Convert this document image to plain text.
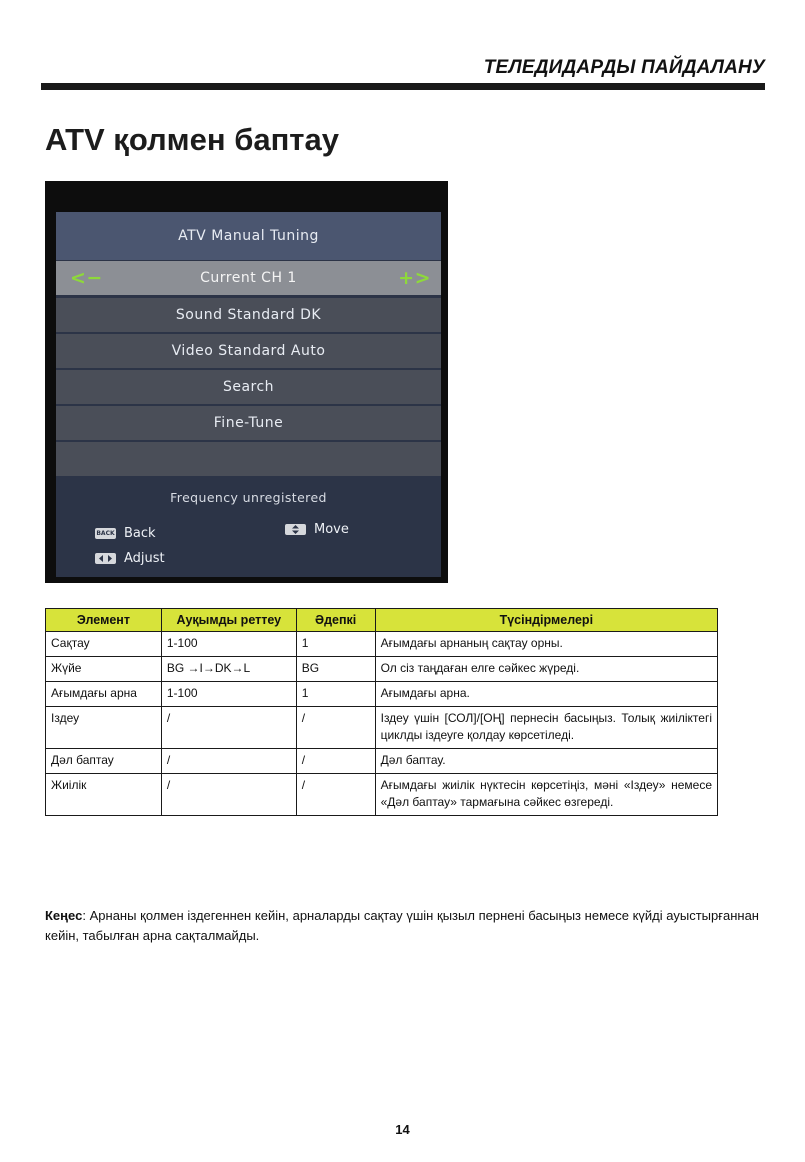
ТЕЛЕДИДАРДЫ ПАЙДАЛАНУ
ATV қолмен баптау
ATV Manual Tuning
<−	Current CH 1	+>
Sound Standard DK
Video Standard Auto
Search
Fine-Tune
Frequency unregistered
BACK Back	Move
Adjust
Элемент	Ауқымды реттеу	Әдепкі	Түсіндірмелері
Сақтау	1-100	1	Ағымдағы арнаның сақтау орны.
Жүйе	BG →I→DK→L	BG	Ол сіз таңдаған елге сәйкес жүреді.
Ағымдағы арна	1-100	1	Ағымдағы арна.
Іздеу	/	/	Іздеу үшін [СОЛ]/[ОҢ] пернесін басыңыз. Толық жиіліктегі циклды іздеуге қолдау көрсетіледі.
Дәл баптау	/	/	Дәл баптау.
Жиілік	/	/	Ағымдағы жиілік нүктесін көрсетіңіз, мәні «Іздеу» немесе «Дәл баптау» тармағына сәйкес өзгереді.
Кеңес: Арнаны қолмен іздегеннен кейін, арналарды сақтау үшін қызыл пернені басыңыз немесе күйді ауыстырғаннан кейін, табылған арна сақталмайды.
14
